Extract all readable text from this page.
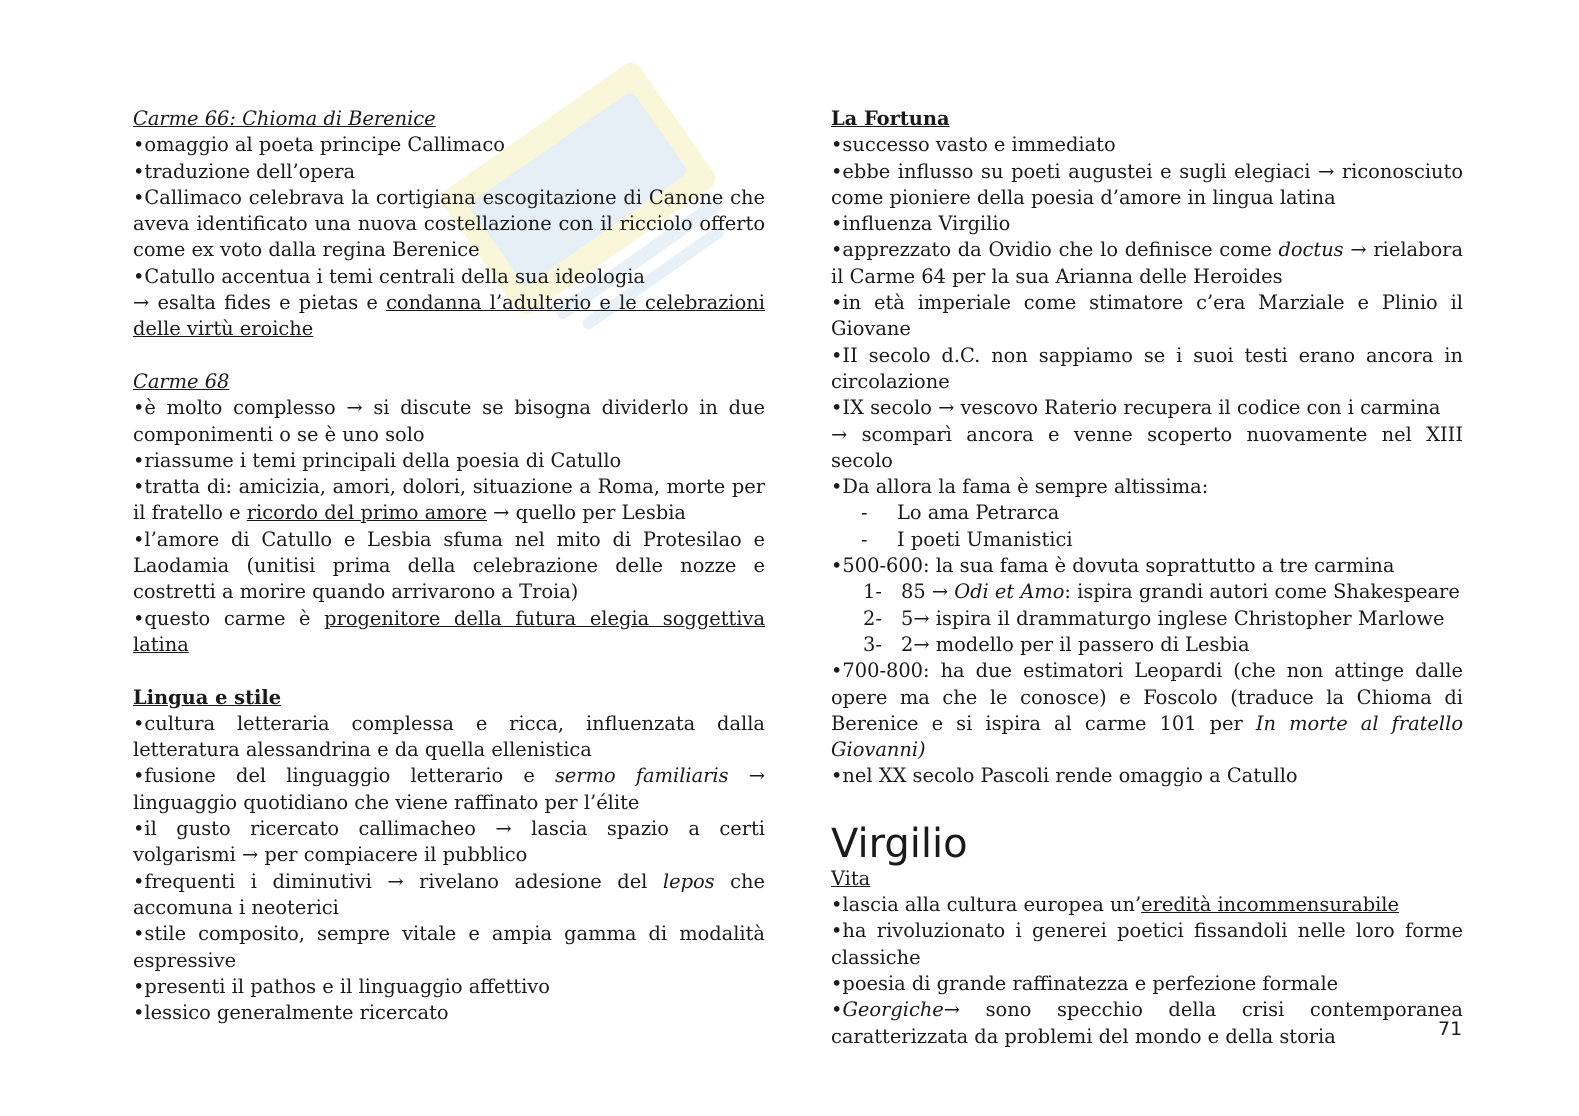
Carme 66: Chioma di Berenice

•omaggio al poeta principe Callimaco

•traduzione dell’opera

•Callimaco celebrava la cortigiana escogitazione di Canone che aveva identificato una nuova costellazione con il ricciolo offerto come ex voto dalla regina Berenice

•Catullo accentua i temi centrali della sua ideologia

→ esalta fides e pietas e condanna l’adulterio e le celebrazioni delle virtù eroiche

Carme 68

•è molto complesso → si discute se bisogna dividerlo in due componimenti o se è uno solo

•riassume i temi principali della poesia di Catullo

•tratta di: amicizia, amori, dolori, situazione a Roma, morte per il fratello e ricordo del primo amore → quello per Lesbia

•l’amore di Catullo e Lesbia sfuma nel mito di Protesilao e Laodamia (unitisi prima della celebrazione delle nozze e costretti a morire quando arrivarono a Troia)

•questo carme è progenitore della futura elegia soggettiva latina

Lingua e stile

•cultura letteraria complessa e ricca, influenzata dalla letteratura alessandrina e da quella ellenistica

•fusione del linguaggio letterario e sermo familiaris → linguaggio quotidiano che viene raffinato per l’élite

•il gusto ricercato callimacheo → lascia spazio a certi volgarismi → per compiacere il pubblico

•frequenti i diminutivi → rivelano adesione del lepos che accomuna i neoterici

•stile composito, sempre vitale e ampia gamma di modalità espressive

•presenti il pathos e il linguaggio affettivo

•lessico generalmente ricercato

La Fortuna

•successo vasto e immediato

•ebbe influsso su poeti augustei e sugli elegiaci → riconosciuto come pioniere della poesia d’amore in lingua latina

•influenza Virgilio

•apprezzato da Ovidio che lo definisce come doctus → rielabora il Carme 64 per la sua Arianna delle Heroides

•in età imperiale come stimatore c’era Marziale e Plinio il Giovane

•II secolo d.C. non sappiamo se i suoi testi erano ancora in circolazione

•IX secolo → vescovo Raterio recupera il codice con i carmina

→ scomparì ancora e venne scoperto nuovamente nel XIII secolo

•Da allora la fama è sempre altissima:

- Lo ama Petrarca

- I poeti Umanistici

•500-600: la sua fama è dovuta soprattutto a tre carmina

1- 85 → Odi et Amo: ispira grandi autori come Shakespeare

2- 5→ ispira il drammaturgo inglese Christopher Marlowe

3- 2→ modello per il passero di Lesbia

•700-800: ha due estimatori Leopardi (che non attinge dalle opere ma che le conosce) e Foscolo (traduce la Chioma di Berenice e si ispira al carme 101 per In morte al fratello Giovanni)

•nel XX secolo Pascoli rende omaggio a Catullo

Virgilio

Vita

•lascia alla cultura europea un’eredità incommensurabile

•ha rivoluzionato i generei poetici fissandoli nelle loro forme classiche

•poesia di grande raffinatezza e perfezione formale

•Georgiche→ sono specchio della crisi contemporanea caratterizzata da problemi del mondo e della storia	71
